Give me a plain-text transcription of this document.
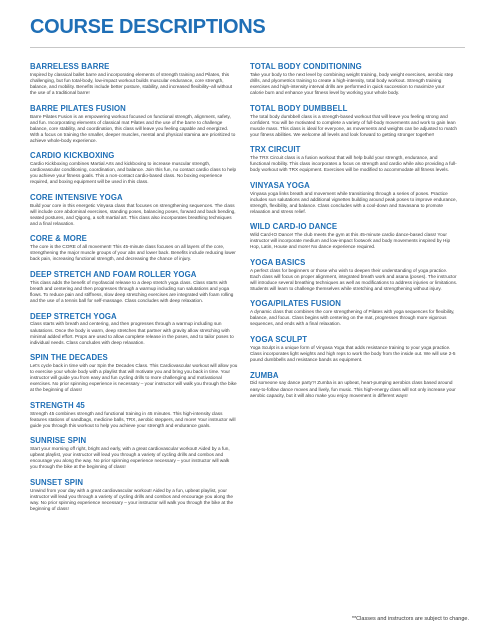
COURSE DESCRIPTIONS
BARRELESS BARRE

Inspired by classical ballet barre and incorporating elements of strength training and Pilates, this challenging, but fun total-body, low-impact workout builds muscular endurance, core strength, balance, and mobility. Benefits include better posture, stability, and increased flexibility–all without the use of a traditional barre!

BARRE PILATES FUSION

Barre Pilates Fusion is an empowering workout focused on functional strength, alignment, safety, and fun. Incorporating elements of classical mat Pilates and the use of the barre to challenge balance, core stability, and coordination, this class will leave you feeling capable and energized. With a focus on training the smaller, deeper muscles, mental and physical stamina are prioritized to achieve whole-body experience.

CARDIO KICKBOXING

Cardio Kickboxing combines Martial Arts and kickboxing to increase muscular strength, cardiovascular conditioning, coordination, and balance. Join this fun, no contact cardio class to help you achieve your fitness goals. This a non-contact cardio-based class. No boxing experience required, and boxing equipment will be used in this class.

CORE INTENSIVE YOGA

Build your core in this energetic Vinyasa class that focuses on strengthening sequences. The class will include core abdominal exercises, standing poses, balancing poses, forward and back bending, seated postures, and Qigong, a soft martial art. This class also incorporates breathing techniques and a final relaxation.

CORE & MORE

The core is the CORE of all movement! This 45-minute class focuses on all layers of the core, strengthening the major muscle groups of your abs and lower back. Benefits include reducing lower back pain, increasing functional strength, and decreasing the chance of injury.

DEEP STRETCH AND FOAM ROLLER YOGA

This class adds the benefit of myofascial release to a deep stretch yoga class. Class starts with breath and centering and then progresses through a warmup including sun salutations and yoga flows. To reduce pain and stiffness, slow deep stretching exercises are integrated with foam rolling and the use of a tennis ball for self-massage. Class concludes with deep relaxation.

DEEP STRETCH YOGA

Class starts with breath and centering, and then progresses through a warmup including sun salutations. Once the body is warm, deep stretches that partner with gravity allow stretching with minimal added effort. Props are used to allow complete release in the poses, and to tailor poses to individual needs. Class concludes with deep relaxation.

SPIN THE DECADES

Let's cycle back in time with our Spin the Decades Class. This Cardiovascular workout will allow you to exercise your whole body with a playlist that will motivate you and bring you back in time. Your instructor will guide you from easy and fun cycling drills to more challenging and motivational exercises. No prior spinning experience is necessary – your instructor will walk you through the bike at the beginning of class!

STRENGTH 45

Strength 45 combines strength and functional training in 45 minutes. This high-intensity class features stations of sandbags, medicine balls, TRX, aerobic steppers, and more! Your instructor will guide you through this workout to help you achieve your strength and endurance goals.

SUNRISE SPIN

Start your morning off right, bright and early, with a great cardiovascular workout! Aided by a fun, upbeat playlist, your instructor will lead you through a variety of cycling drills and combos and encourage you along the way. No prior spinning experience necessary – your instructor will walk you through the bike at the beginning of class!

SUNSET SPIN

Unwind from your day with a great cardiovascular workout! Aided by a fun, upbeat playlist, your instructor will lead you through a variety of cycling drills and combos and encourage you along the way. No prior spinning experience necessary – your instructor will walk you through the bike at the beginning of class!

TOTAL BODY CONDITIONING

Take your body to the next level by combining weight training, body weight exercises, aerobic step drills, and plyometrics training to create a high-intensity, total body workout. Strength training exercises and high-intensity interval drills are performed in quick succession to maximize your calorie burn and enhance your fitness level by working your whole body.

TOTAL BODY DUMBBELL

The total body dumbbell class is a strength-based workout that will leave you feeling strong and confident. You will be motivated to complete a variety of full-body movements and work to gain lean muscle mass. This class is ideal for everyone, as movements and weights can be adjusted to match your fitness abilities. We welcome all levels and look forward to getting stronger together!

TRX CIRCUIT

The TRX Circuit class is a fusion workout that will help build your strength, endurance, and functional mobility. This class incorporates a focus on strength and cardio while also providing a full-body workout with TRX equipment. Exercises will be modified to accommodate all fitness levels.

VINYASA YOGA

Vinyasa yoga links breath and movement while transitioning through a series of poses. Practice includes sun salutations and additional vignettes building around peak poses to improve endurance, strength, flexibility, and balance. Class concludes with a cool-down and Savasana to promote relaxation and stress relief.

WILD CARD-IO DANCE

Wild Card-IO Dance! The club meets the gym at this 45-minute cardio dance-based class! Your instructor will incorporate medium and low-impact footwork and body movements inspired by Hip Hop, Latin, House and more! No dance experience required.

YOGA BASICS

A perfect class for beginners or those who wish to deepen their understanding of yoga practice. Each class will focus on proper alignment, integrated breath work and asana (poses). The instructor will introduce several breathing techniques as well as modifications to address injuries or limitations. Students will learn to challenge themselves while stretching and strengthening without injury.

YOGA/PILATES FUSION

A dynamic class that combines the core strengthening of Pilates with yoga sequences for flexibility, balance, and focus. Class begins with centering on the mat, progresses through more vigorous sequences, and ends with a final relaxation.

YOGA SCULPT

Yoga Sculpt is a unique form of Vinyasa Yoga that adds resistance training to your yoga practice. Class incorporates light weights and high reps to work the body from the inside out. We will use 2-5 pound dumbbells and resistance bands as equipment.

ZUMBA

Did someone say dance party?! Zumba is an upbeat, heart-pumping aerobics class based around easy-to-follow dance moves and lively, fun music. This high-energy class will not only increase your aerobic capacity, but it will also make you enjoy movement in different ways!

**Classes and instructors are subject to change.
